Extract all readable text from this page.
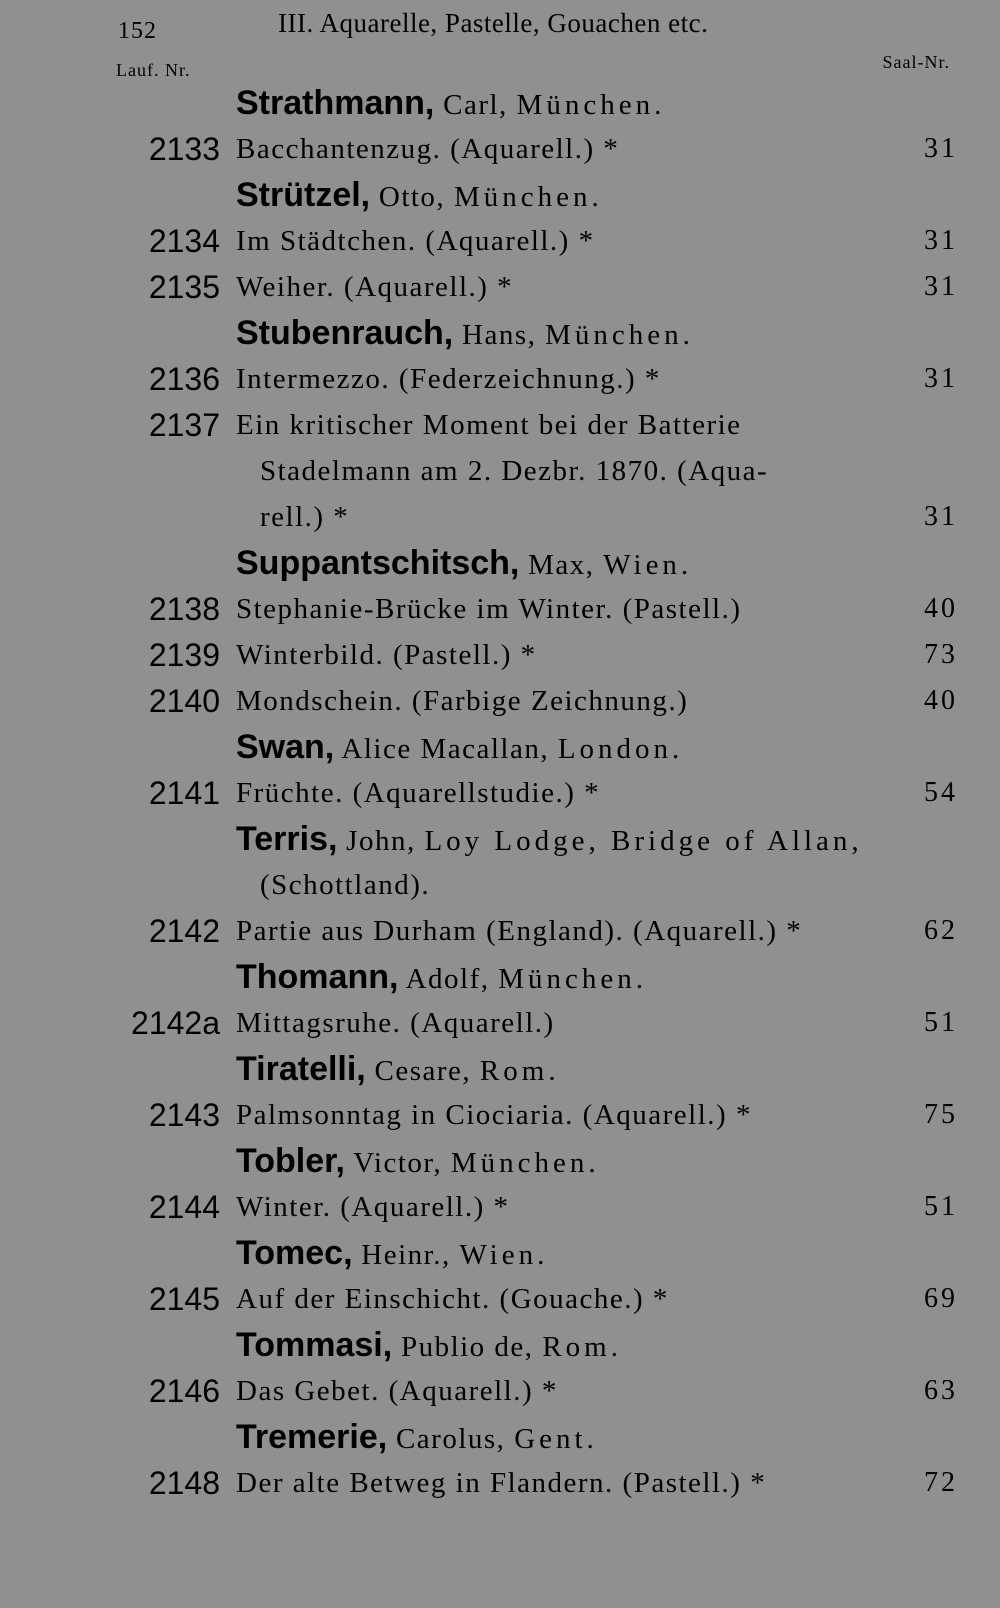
152	III. Aquarelle, Pastelle, Gouachen etc.
Lauf. Nr.	Saal-Nr.
Strathmann, Carl, München.
2133 Bacchantenzug. (Aquarell.) *	31
Strützel, Otto, München.
2134 Im Städtchen. (Aquarell.) *	31
2135 Weiher. (Aquarell.) *	31
Stubenrauch, Hans, München.
2136 Intermezzo. (Federzeichnung.) *	31
2137 Ein kritischer Moment bei der Batterie
Stadelmann am 2. Dezbr. 1870. (Aqua-
rell.) *	31
Suppantschitsch, Max, Wien.
2138 Stephanie-Brücke im Winter. (Pastell.)	40
2139 Winterbild. (Pastell.) *	73
2140 Mondschein. (Farbige Zeichnung.)	40
Swan, Alice Macallan, London.
2141 Früchte. (Aquarellstudie.) *	54
Terris, John, Loy Lodge, Bridge of Allan,
(Schottland).
2142 Partie aus Durham (England). (Aquarell.) *	62
Thomann, Adolf, München.
2142a Mittagsruhe. (Aquarell.)	51
Tiratelli, Cesare, Rom.
2143 Palmsonntag in Ciociaria. (Aquarell.) *	75
Tobler, Victor, München.
2144 Winter. (Aquarell.) *	51
Tomec, Heinr., Wien.
2145 Auf der Einschicht. (Gouache.) *	69
Tommasi, Publio de, Rom.
2146 Das Gebet. (Aquarell.) *	63
Tremerie, Carolus, Gent.
2148 Der alte Betweg in Flandern. (Pastell.) *	72
